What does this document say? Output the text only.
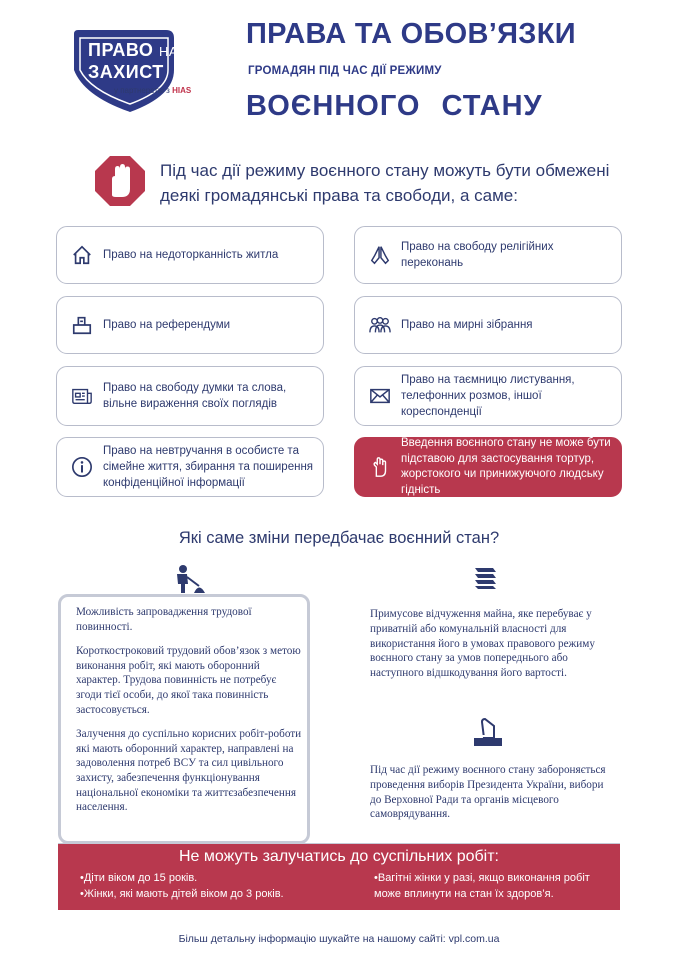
ПРАВО НА
ЗАХИСТ
у партнерстві з НІАS
ПРАВА ТА ОБОВ’ЯЗКИ
ГРОМАДЯН ПІД ЧАС ДІЇ РЕЖИМУ
ВОЄННОГО СТАНУ
Під час дії режиму воєнного стану можуть бути обмежені деякі громадянські права та свободи, а саме:
Право на недоторканність житла
Право на свободу релігійних переконань
Право на референдуми	Право на мирні зібрання
Право на свободу думки та слова, вільне вираження своїх поглядів
Право на таємницю листування, телефонних розмов, іншої кореспонденції
Право на невтручання в особисте та сімейне життя, збирання та поширення конфіденційної інформації
Введення воєнного стану не може бути підставою для застосування тортур, жорстокого чи принижуючого людську гідність
Які саме зміни передбачає воєнний стан?

Можливість запровадження трудової повинності.

Короткостроковий трудовий обов’язок з метою виконання робіт, які мають оборонний характер. Трудова повинність не потребує згоди тієї особи, до якої така повинність застосовується.

Залучення до суспільно корисних робіт-роботи які мають оборонний характер, направлені на задоволення потреб ВСУ та сил цивільного захисту, забезпечення функціонування національної економіки та життєзабезпечення населення.

Примусове відчуження майна, яке перебуває у приватній або комунальній власності для використання його в умовах правового режиму воєнного стану за умов попереднього або наступного відшкодування його вартості.
Під час дії режиму воєнного стану забороняється проведення виборів Президента України, вибори до Верховної Ради та органів місцевого самоврядування.
Не можуть залучатись до суспільних робіт:
•Діти віком до 15 років.
•Жінки, які мають дітей віком до 3 років.
•Вагітні жінки у разі, якщо виконання робіт може вплинути на стан їх здоров’я.
Більш детальну інформацію шукайте на нашому сайті: vpl.com.ua
